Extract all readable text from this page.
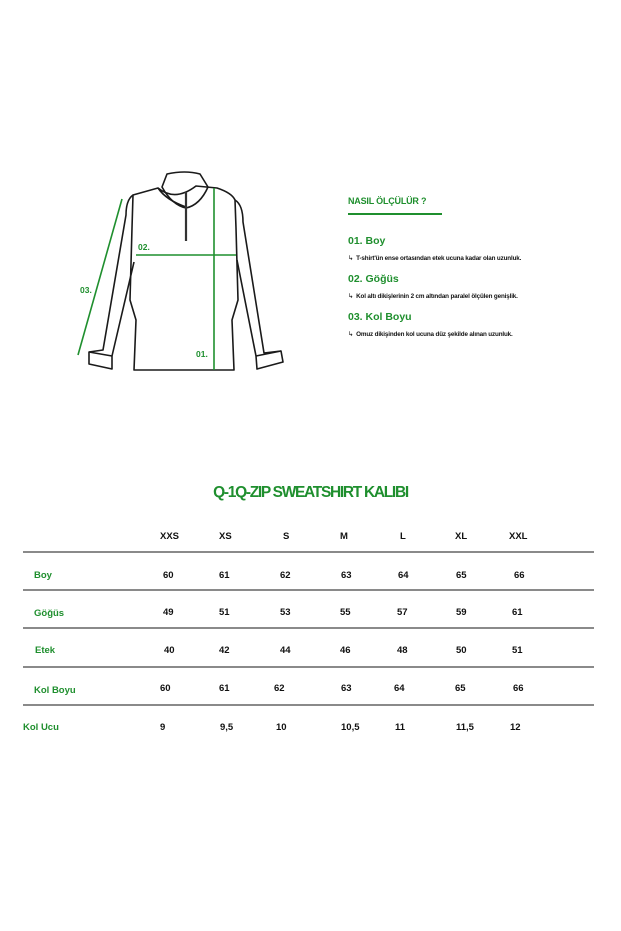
01.
02.
03.
NASIL ÖLÇÜLÜR ?
01. Boy
↳ T-shirt'ün ense ortasından etek ucuna kadar olan uzunluk.
02. Göğüs
↳ Kol altı dikişlerinin 2 cm altından paralel ölçülen genişlik.
03. Kol Boyu
↳ Omuz dikişinden kol ucuna düz şekilde alınan uzunluk.
Q-1Q-ZIP SWEATSHIRT KALIBI
XXS	XS	S	M	L	XL	XXL
Boy	60	61	62	63	64	65	66
Göğüs	49	51	53	55	57	59	61
Etek	40	42	44	46	48	50	51
Kol Boyu	60	61	62	63	64	65	66
Kol Ucu	9	9,5	10	10,5	11	11,5	12
